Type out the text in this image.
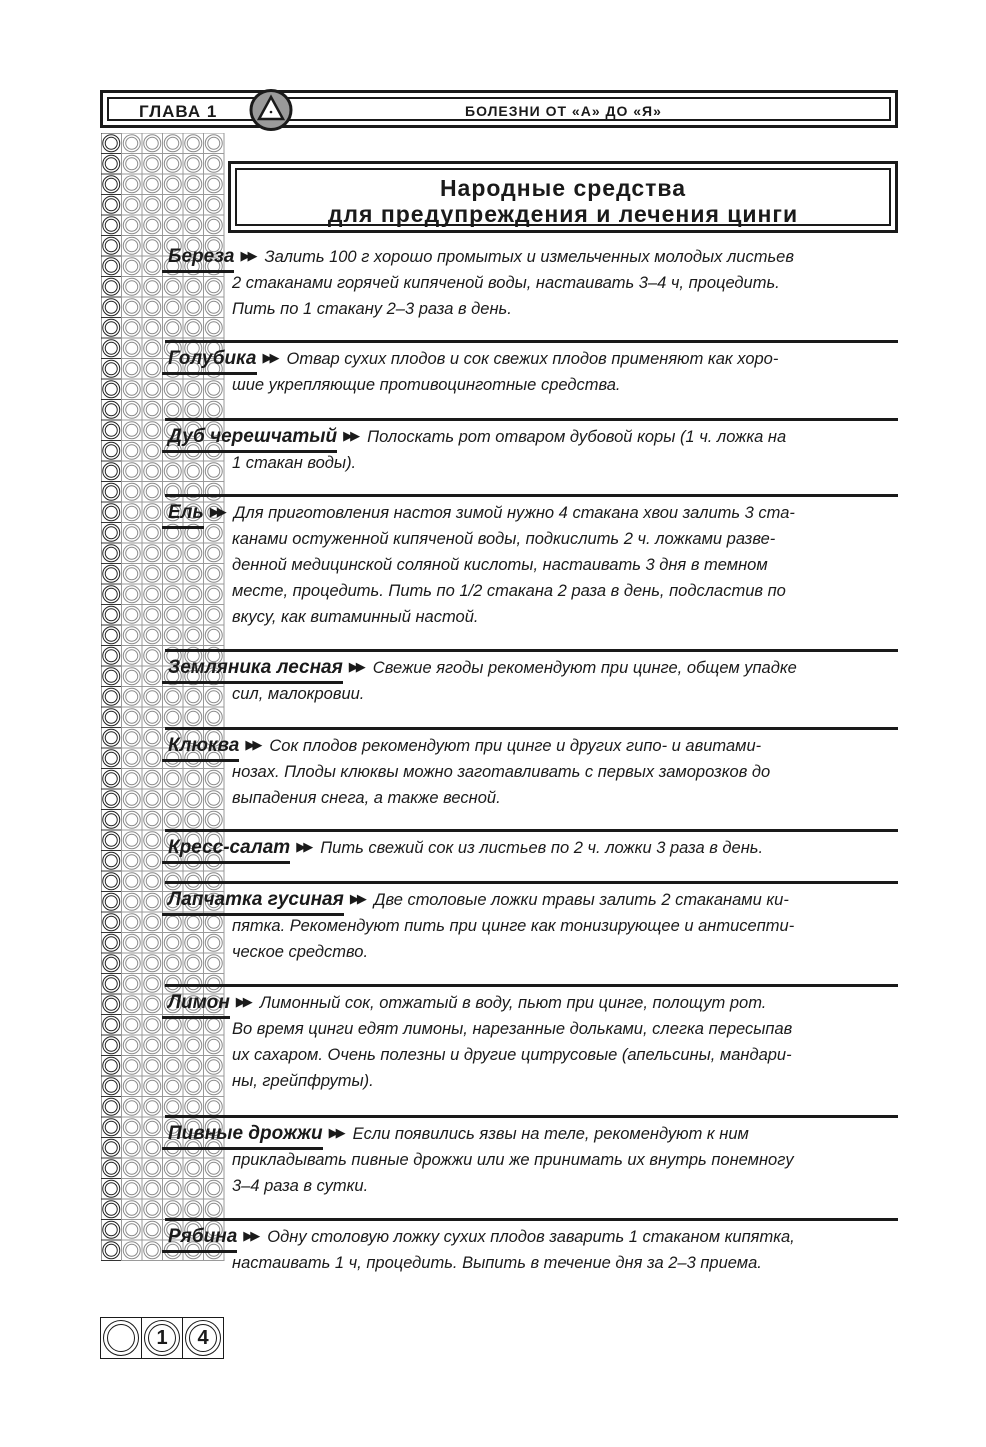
ГЛАВА 1	БОЛЕЗНИ ОТ «А» ДО «Я»
Народные средства
для предупреждения и лечения цинги
Береза ▶▶ Залить 100 г хорошо промытых и измельченных молодых листьев
2 стаканами горячей кипяченой воды, настаивать 3–4 ч, процедить.
Пить по 1 стакану 2–3 раза в день.
Голубика ▶▶ Отвар сухих плодов и сок свежих плодов применяют как хоро-
шие укрепляющие противоцинготные средства.
Дуб черешчатый ▶▶ Полоскать рот отваром дубовой коры (1 ч. ложка на
1 стакан воды).
Ель ▶▶ Для приготовления настоя зимой нужно 4 стакана хвои залить 3 ста-
канами остуженной кипяченой воды, подкислить 2 ч. ложками разве-
денной медицинской соляной кислоты, настаивать 3 дня в темном
месте, процедить. Пить по 1/2 стакана 2 раза в день, подсластив по
вкусу, как витаминный настой.
Земляника лесная ▶▶ Свежие ягоды рекомендуют при цинге, общем упадке
сил, малокровии.
Клюква ▶▶ Сок плодов рекомендуют при цинге и других гипо- и авитами-
нозах. Плоды клюквы можно заготавливать с первых заморозков до
выпадения снега, а также весной.
Кресс-салат ▶▶ Пить свежий сок из листьев по 2 ч. ложки 3 раза в день.
Лапчатка гусиная ▶▶ Две столовые ложки травы залить 2 стаканами ки-
пятка. Рекомендуют пить при цинге как тонизирующее и антисепти-
ческое средство.
Лимон ▶▶ Лимонный сок, отжатый в воду, пьют при цинге, полощут рот.
Во время цинги едят лимоны, нарезанные дольками, слегка пересыпав
их сахаром. Очень полезны и другие цитрусовые (апельсины, мандари-
ны, грейпфруты).
Пивные дрожжи ▶▶ Если появились язвы на теле, рекомендуют к ним
прикладывать пивные дрожжи или же принимать их внутрь понемногу
3–4 раза в сутки.
Рябина ▶▶ Одну столовую ложку сухих плодов заварить 1 стаканом кипятка,
настаивать 1 ч, процедить. Выпить в течение дня за 2–3 приема.
1 4
